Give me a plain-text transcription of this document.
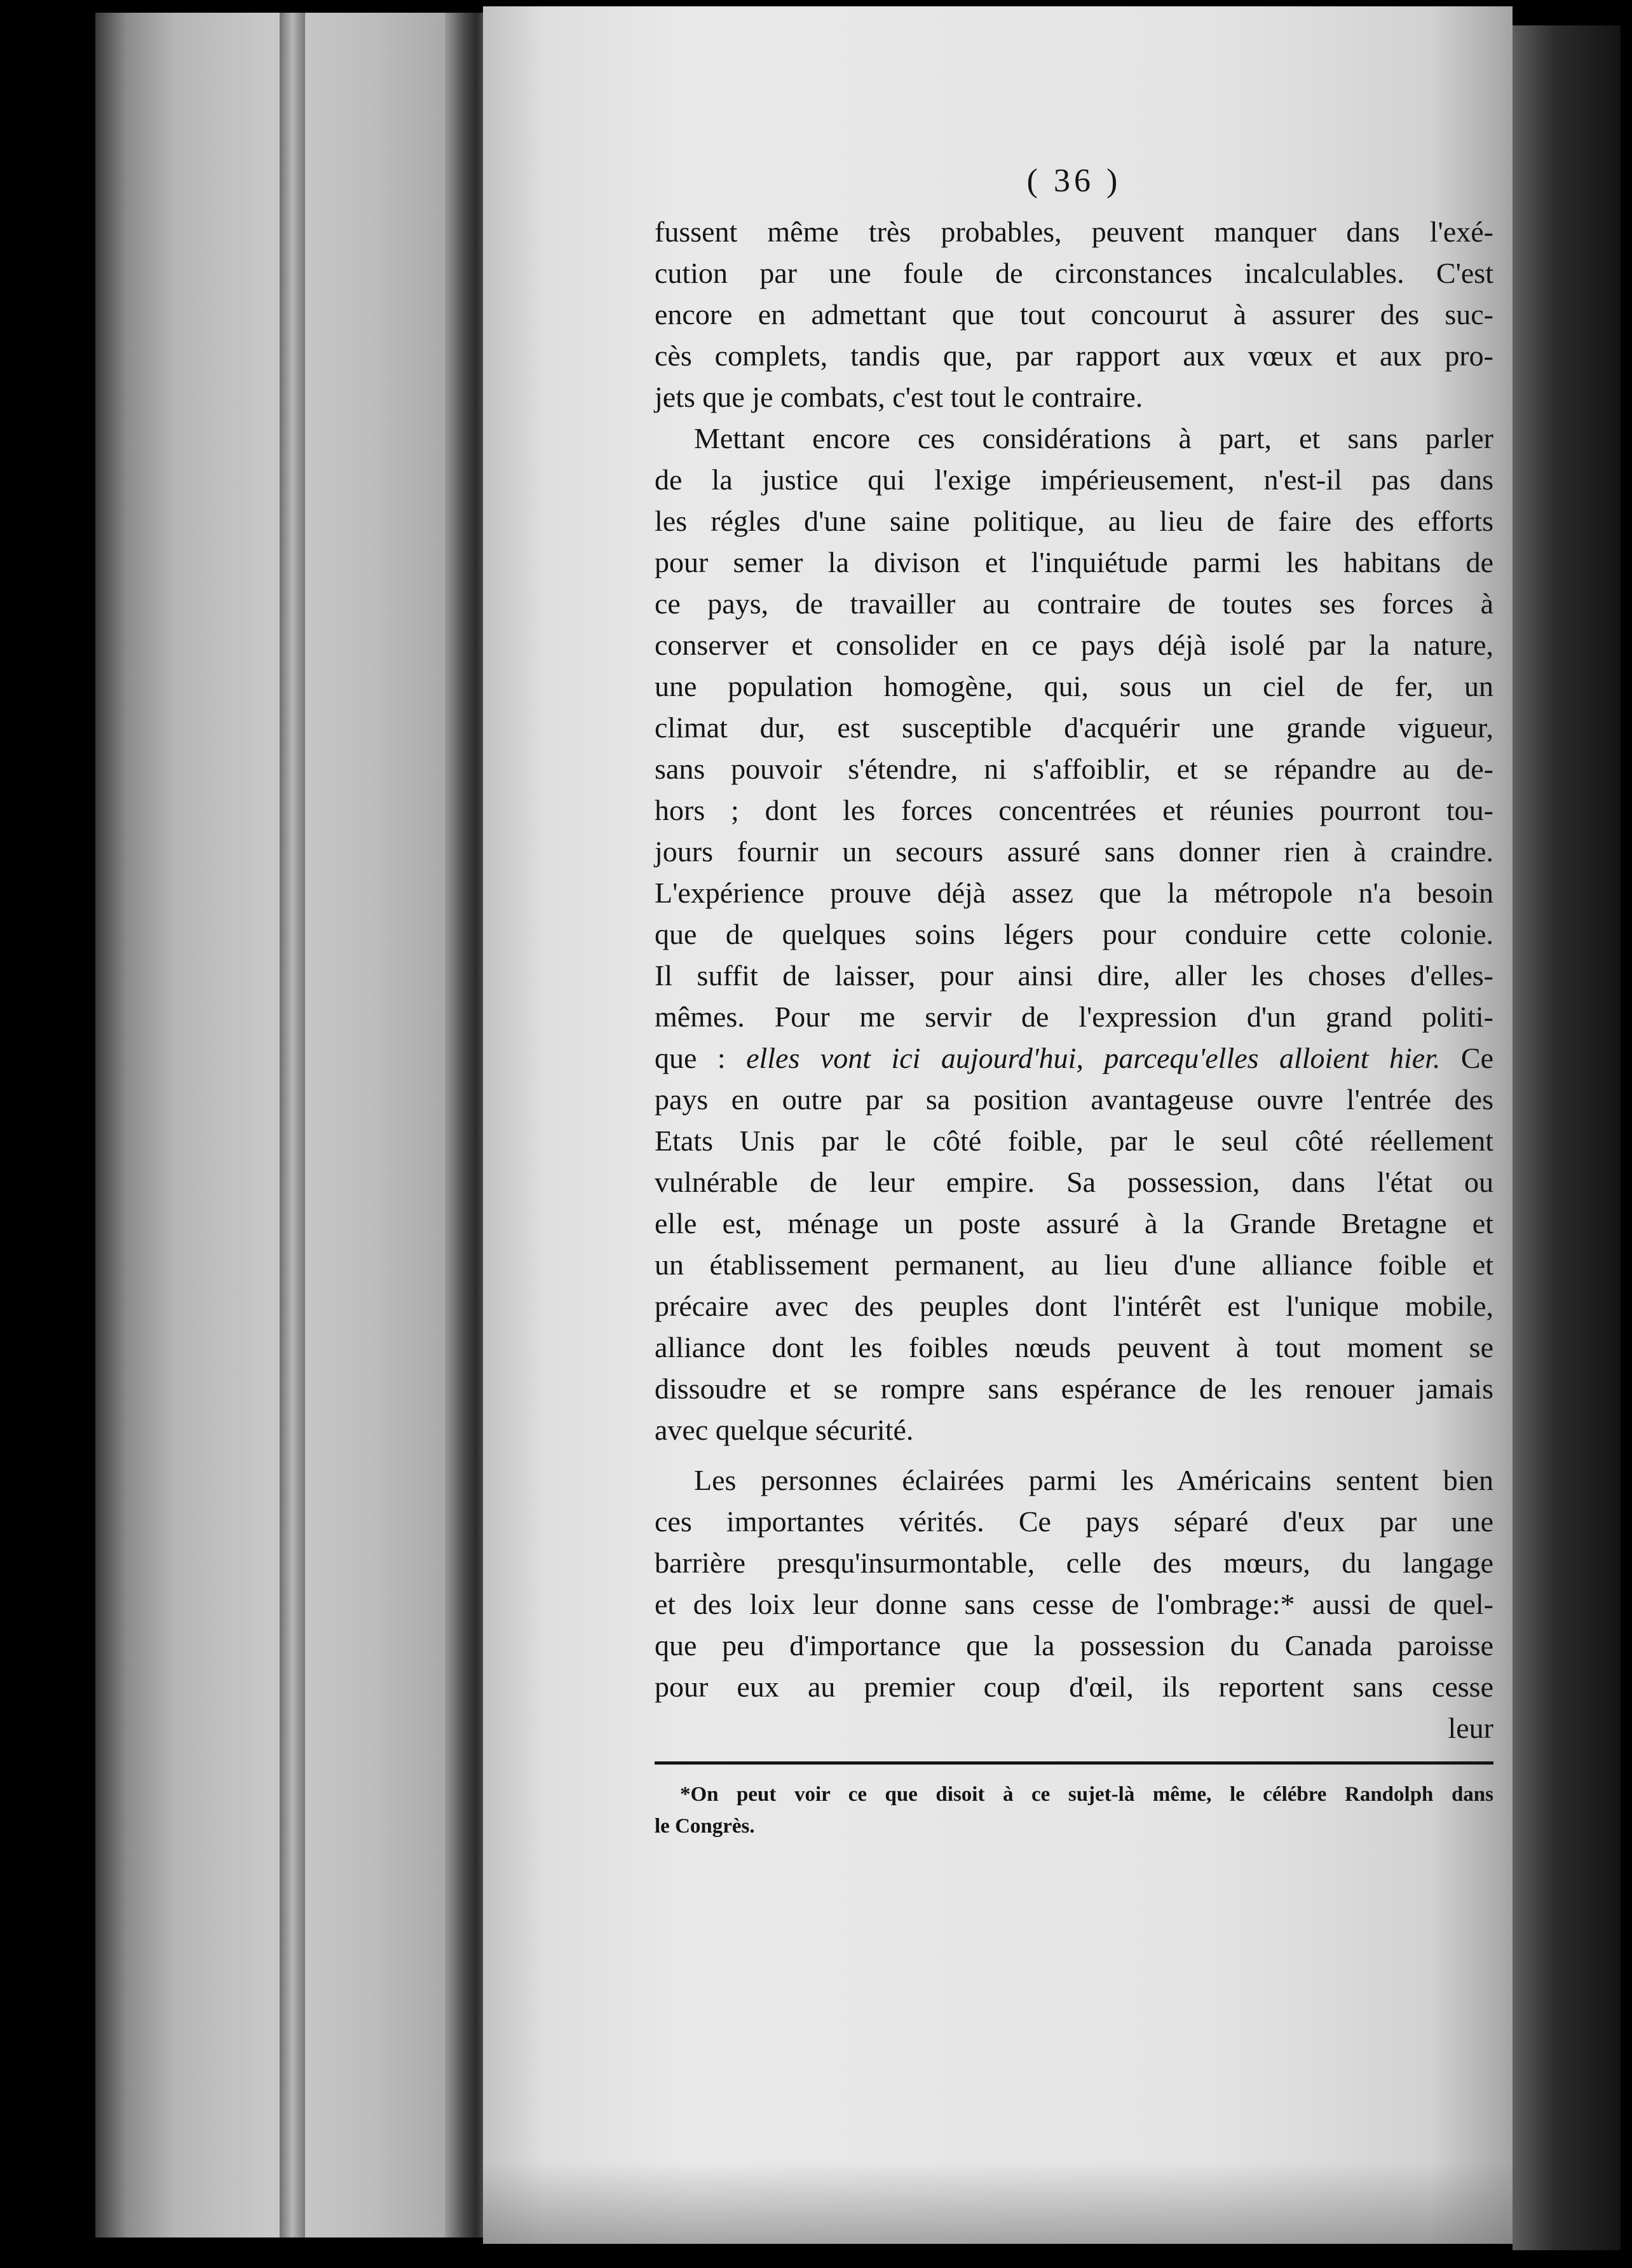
( 36 )
fussent même très probables, peuvent manquer dans l'exé-
cution par une foule de circonstances incalculables. C'est
encore en admettant que tout concourut à assurer des suc-
cès complets, tandis que, par rapport aux vœux et aux pro-
jets que je combats, c'est tout le contraire.
Mettant encore ces considérations à part, et sans parler
de la justice qui l'exige impérieusement, n'est-il pas dans
les régles d'une saine politique, au lieu de faire des efforts
pour semer la divison et l'inquiétude parmi les habitans de
ce pays, de travailler au contraire de toutes ses forces à
conserver et consolider en ce pays déjà isolé par la nature,
une population homogène, qui, sous un ciel de fer, un
climat dur, est susceptible d'acquérir une grande vigueur,
sans pouvoir s'étendre, ni s'affoiblir, et se répandre au de-
hors ; dont les forces concentrées et réunies pourront tou-
jours fournir un secours assuré sans donner rien à craindre.
L'expérience prouve déjà assez que la métropole n'a besoin
que de quelques soins légers pour conduire cette colonie.
Il suffit de laisser, pour ainsi dire, aller les choses d'elles-
mêmes. Pour me servir de l'expression d'un grand politi-
que : elles vont ici aujourd'hui, parcequ'elles alloient hier. Ce
pays en outre par sa position avantageuse ouvre l'entrée des
Etats Unis par le côté foible, par le seul côté réellement
vulnérable de leur empire. Sa possession, dans l'état ou
elle est, ménage un poste assuré à la Grande Bretagne et
un établissement permanent, au lieu d'une alliance foible et
précaire avec des peuples dont l'intérêt est l'unique mobile,
alliance dont les foibles nœuds peuvent à tout moment se
dissoudre et se rompre sans espérance de les renouer jamais
avec quelque sécurité.
Les personnes éclairées parmi les Américains sentent bien
ces importantes vérités. Ce pays séparé d'eux par une
barrière presqu'insurmontable, celle des mœurs, du langage
et des loix leur donne sans cesse de l'ombrage:* aussi de quel-
que peu d'importance que la possession du Canada paroisse
pour eux au premier coup d'œil, ils reportent sans cesse
leur
*On peut voir ce que disoit à ce sujet-là même, le célébre Randolph dans
le Congrès.
